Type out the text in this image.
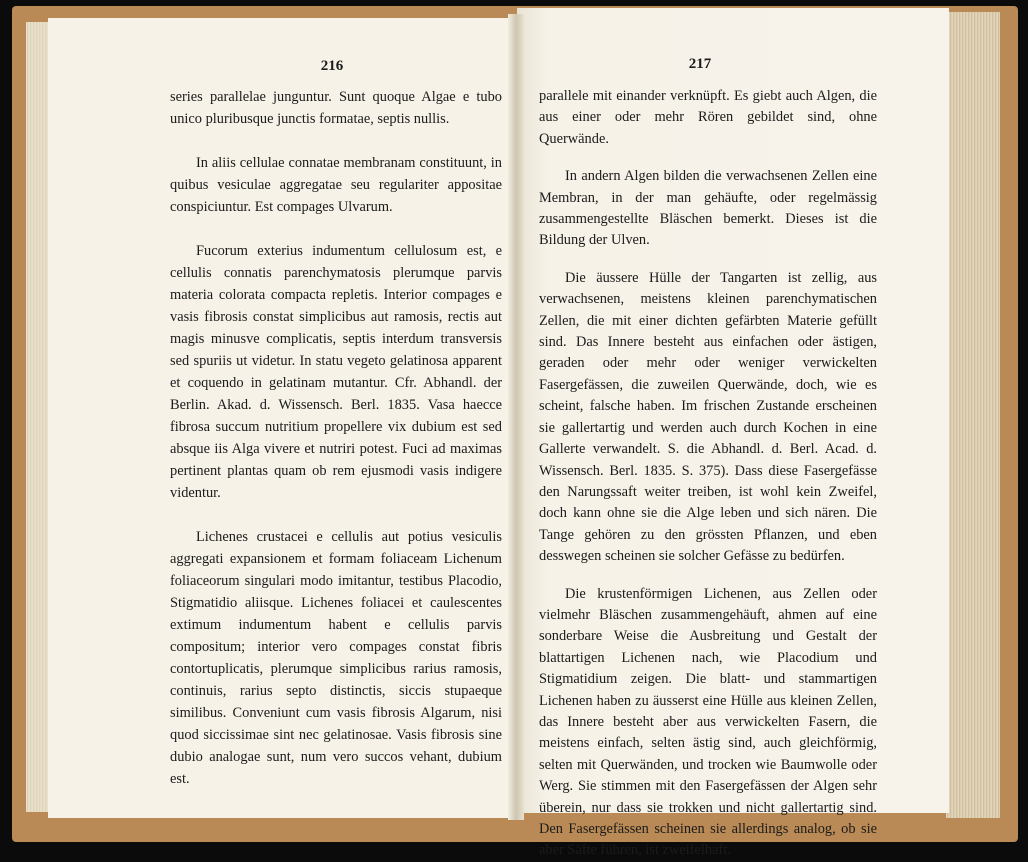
216	217

series parallelae junguntur. Sunt quoque Algae e tubo unico pluribusque junctis formatae, septis nullis.

In aliis cellulae connatae membranam constituunt, in quibus vesiculae aggregatae seu regulariter appositae conspiciuntur. Est compages Ulvarum.

Fucorum exterius indumentum cellulosum est, e cellulis connatis parenchymatosis plerumque parvis materia colorata compacta repletis. Interior compages e vasis fibrosis constat simplicibus aut ramosis, rectis aut magis minusve complicatis, septis interdum transversis sed spuriis ut videtur. In statu vegeto gelatinosa apparent et coquendo in gelatinam mutantur. Cfr. Abhandl. der Berlin. Akad. d. Wissensch. Berl. 1835. Vasa haecce fibrosa succum nutritium propellere vix dubium est sed absque iis Alga vivere et nutriri potest. Fuci ad maximas pertinent plantas quam ob rem ejusmodi vasis indigere videntur.

Lichenes crustacei e cellulis aut potius vesiculis aggregati expansionem et formam foliaceam Lichenum foliaceorum singulari modo imitantur, testibus Placodio, Stigmatidio aliisque. Lichenes foliacei et caulescentes extimum indumentum habent e cellulis parvis compositum; interior vero compages constat fibris contortuplicatis, plerumque simplicibus rarius ramosis, continuis, rarius septo distinctis, siccis stupaeque similibus. Conveniunt cum vasis fibrosis Algarum, nisi quod siccissimae sint nec gelatinosae. Vasis fibrosis sine dubio analogae sunt, num vero succos vehant, dubium est.

parallele mit einander verknüpft. Es giebt auch Algen, die aus einer oder mehr Rören gebildet sind, ohne Querwände.

In andern Algen bilden die verwachsenen Zellen eine Membran, in der man gehäufte, oder regelmässig zusammengestellte Bläschen bemerkt. Dieses ist die Bildung der Ulven.

Die äussere Hülle der Tangarten ist zellig, aus verwachsenen, meistens kleinen parenchymatischen Zellen, die mit einer dichten gefärbten Materie gefüllt sind. Das Innere besteht aus einfachen oder ästigen, geraden oder mehr oder weniger verwickelten Fasergefässen, die zuweilen Querwände, doch, wie es scheint, falsche haben. Im frischen Zustande erscheinen sie gallertartig und werden auch durch Kochen in eine Gallerte verwandelt. S. die Abhandl. d. Berl. Acad. d. Wissensch. Berl. 1835. S. 375). Dass diese Fasergefässe den Narungssaft weiter treiben, ist wohl kein Zweifel, doch kann ohne sie die Alge leben und sich nären. Die Tange gehören zu den grössten Pflanzen, und eben desswegen scheinen sie solcher Gefässe zu bedürfen.

Die krustenförmigen Lichenen, aus Zellen oder vielmehr Bläschen zusammengehäuft, ahmen auf eine sonderbare Weise die Ausbreitung und Gestalt der blattartigen Lichenen nach, wie Placodium und Stigmatidium zeigen. Die blatt- und stammartigen Lichenen haben zu äusserst eine Hülle aus kleinen Zellen, das Innere besteht aber aus verwickelten Fasern, die meistens einfach, selten ästig sind, auch gleichförmig, selten mit Querwänden, und trocken wie Baumwolle oder Werg. Sie stimmen mit den Fasergefässen der Algen sehr überein, nur dass sie trokken und nicht gallertartig sind. Den Fasergefässen scheinen sie allerdings analog, ob sie aber Säfte führen, ist zweifelhaft.
